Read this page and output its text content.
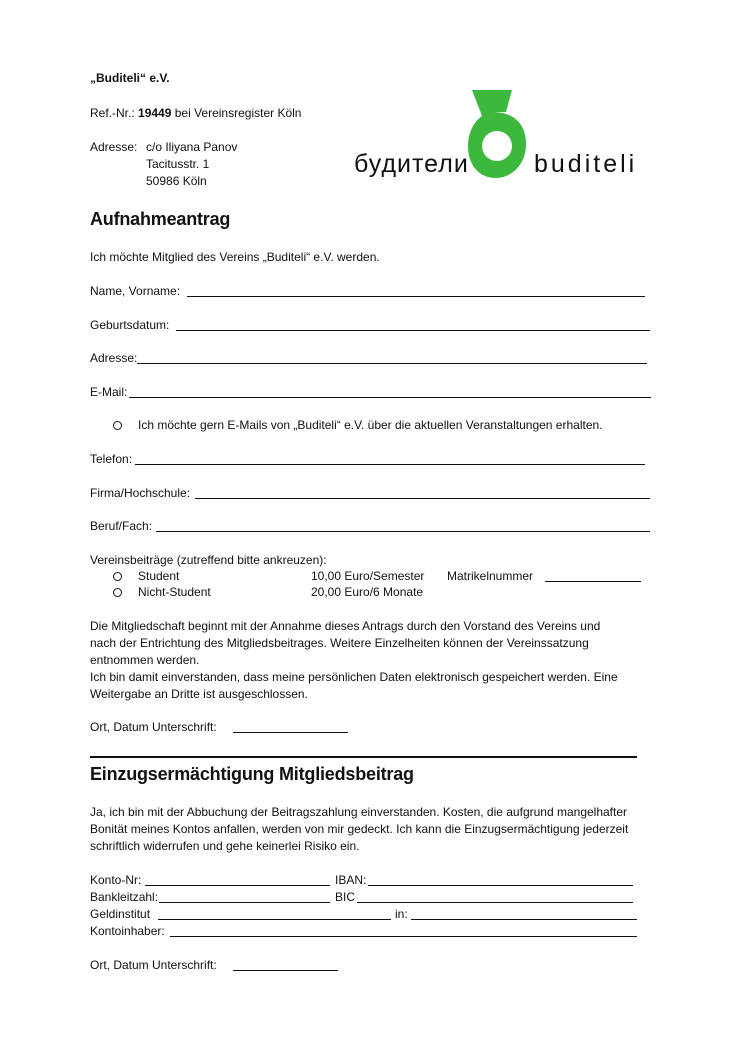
„Buditeli“ e.V.
Ref.-Nr.: 19449 bei Vereinsregister Köln
Adresse: c/o Iliyana Panov
Tacitusstr. 1
50986 Köln
будители	buditeli
Aufnahmeantrag
Ich möchte Mitglied des Vereins „Buditeli“ e.V. werden.
Name, Vorname:
Geburtsdatum:
Adresse:
E-Mail:
Ich möchte gern E-Mails von „Buditeli“ e.V. über die aktuellen Veranstaltungen erhalten.
Telefon:
Firma/Hochschule:
Beruf/Fach:
Vereinsbeiträge (zutreffend bitte ankreuzen):
Student	10,00 Euro/Semester Matrikelnummer
Nicht-Student	20,00 Euro/6 Monate
Die Mitgliedschaft beginnt mit der Annahme dieses Antrags durch den Vorstand des Vereins und
nach der Entrichtung des Mitgliedsbeitrages. Weitere Einzelheiten können der Vereinssatzung
entnommen werden.
Ich bin damit einverstanden, dass meine persönlichen Daten elektronisch gespeichert werden. Eine
Weitergabe an Dritte ist ausgeschlossen.
Ort, Datum Unterschrift:
Einzugsermächtigung Mitgliedsbeitrag
Ja, ich bin mit der Abbuchung der Beitragszahlung einverstanden. Kosten, die aufgrund mangelhafter
Bonität meines Kontos anfallen, werden von mir gedeckt. Ich kann die Einzugsermächtigung jederzeit
schriftlich widerrufen und gehe keinerlei Risiko ein.
Konto-Nr:	IBAN:
Bankleitzahl:	BIC
Geldinstitut	in:
Kontoinhaber:
Ort, Datum Unterschrift:
